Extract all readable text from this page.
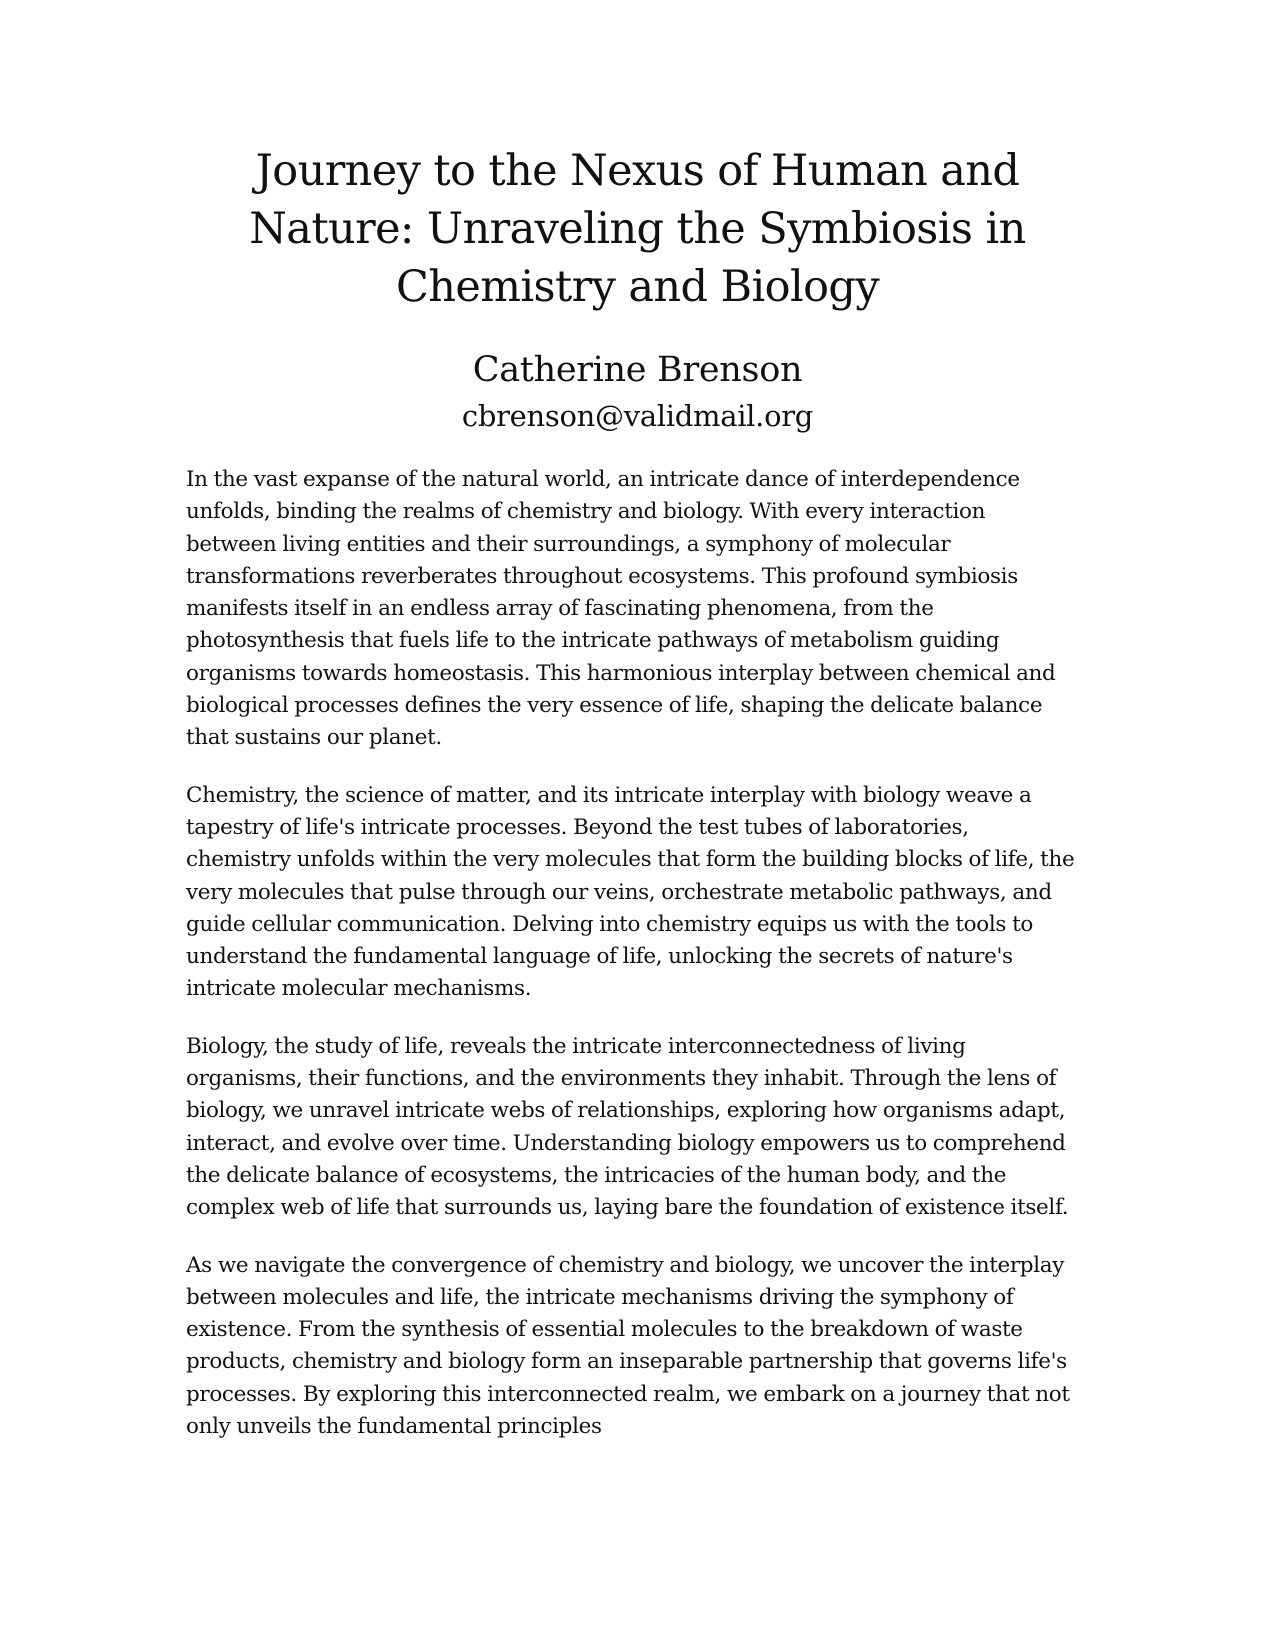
Journey to the Nexus of Human and Nature: Unraveling the Symbiosis in Chemistry and Biology
Catherine Brenson
cbrenson@validmail.org

In the vast expanse of the natural world, an intricate dance of interdependence unfolds, binding the realms of chemistry and biology. With every interaction between living entities and their surroundings, a symphony of molecular transformations reverberates throughout ecosystems. This profound symbiosis manifests itself in an endless array of fascinating phenomena, from the photosynthesis that fuels life to the intricate pathways of metabolism guiding organisms towards homeostasis. This harmonious interplay between chemical and biological processes defines the very essence of life, shaping the delicate balance that sustains our planet.

Chemistry, the science of matter, and its intricate interplay with biology weave a tapestry of life's intricate processes. Beyond the test tubes of laboratories, chemistry unfolds within the very molecules that form the building blocks of life, the very molecules that pulse through our veins, orchestrate metabolic pathways, and guide cellular communication. Delving into chemistry equips us with the tools to understand the fundamental language of life, unlocking the secrets of nature's intricate molecular mechanisms.

Biology, the study of life, reveals the intricate interconnectedness of living organisms, their functions, and the environments they inhabit. Through the lens of biology, we unravel intricate webs of relationships, exploring how organisms adapt, interact, and evolve over time. Understanding biology empowers us to comprehend the delicate balance of ecosystems, the intricacies of the human body, and the complex web of life that surrounds us, laying bare the foundation of existence itself.

As we navigate the convergence of chemistry and biology, we uncover the interplay between molecules and life, the intricate mechanisms driving the symphony of existence. From the synthesis of essential molecules to the breakdown of waste products, chemistry and biology form an inseparable partnership that governs life's processes. By exploring this interconnected realm, we embark on a journey that not only unveils the fundamental principles
